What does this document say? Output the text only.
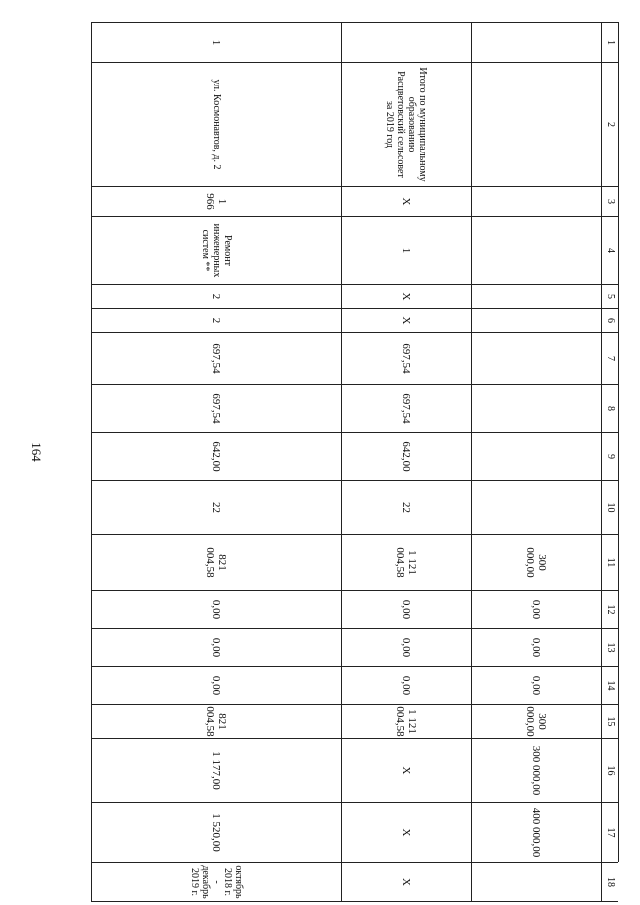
164
1
2
3
4
5
6
7
8
9
10
11
12
13
14
15
16
17
18
300 000,00
0,00
0,00
0,00
300 000,00
300 000,00
400 000,00
Итого по муниципальному образованию Расцветовский сельсовет за 2019 год
X
1
X
X
697,54
697,54
642,00
22
1 121 004,58
0,00
0,00
0,00
1 121 004,58
X
X
X
1
ул. Космонавтов, д. 2
1 966
Ремонт инженерных систем **
2
2
697,54
697,54
642,00
22
821 004,58
0,00
0,00
0,00
821 004,58
1 177,00
1 520,00
октябрь 2018 г. - декабрь 2019 г.
